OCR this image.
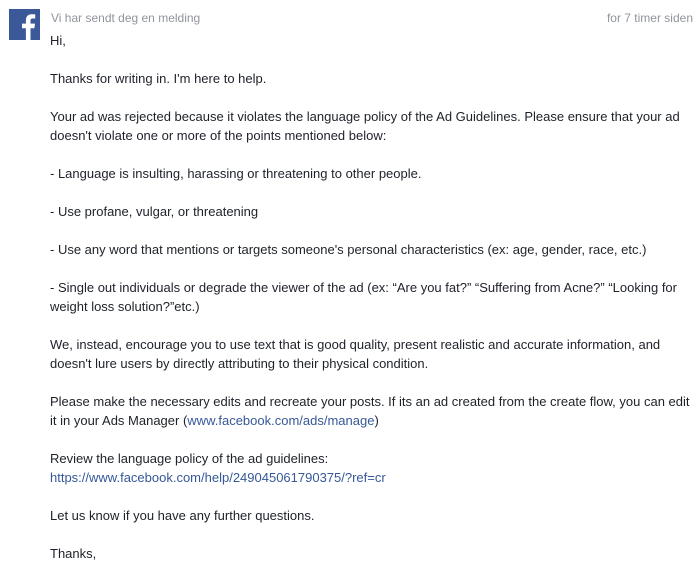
Vi har sendt deg en melding	for 7 timer siden

Hi,

Thanks for writing in. I'm here to help.

Your ad was rejected because it violates the language policy of the Ad Guidelines. Please ensure that your ad doesn't violate one or more of the points mentioned below:

- Language is insulting, harassing or threatening to other people.

- Use profane, vulgar, or threatening

- Use any word that mentions or targets someone's personal characteristics (ex: age, gender, race, etc.)

- Single out individuals or degrade the viewer of the ad (ex: “Are you fat?” “Suffering from Acne?” “Looking for weight loss solution?”etc.)

We, instead, encourage you to use text that is good quality, present realistic and accurate information, and doesn't lure users by directly attributing to their physical condition.

Please make the necessary edits and recreate your posts. If its an ad created from the create flow, you can edit it in your Ads Manager (www.facebook.com/ads/manage)

Review the language policy of the ad guidelines:
https://www.facebook.com/help/249045061790375/?ref=cr

Let us know if you have any further questions.

Thanks,
